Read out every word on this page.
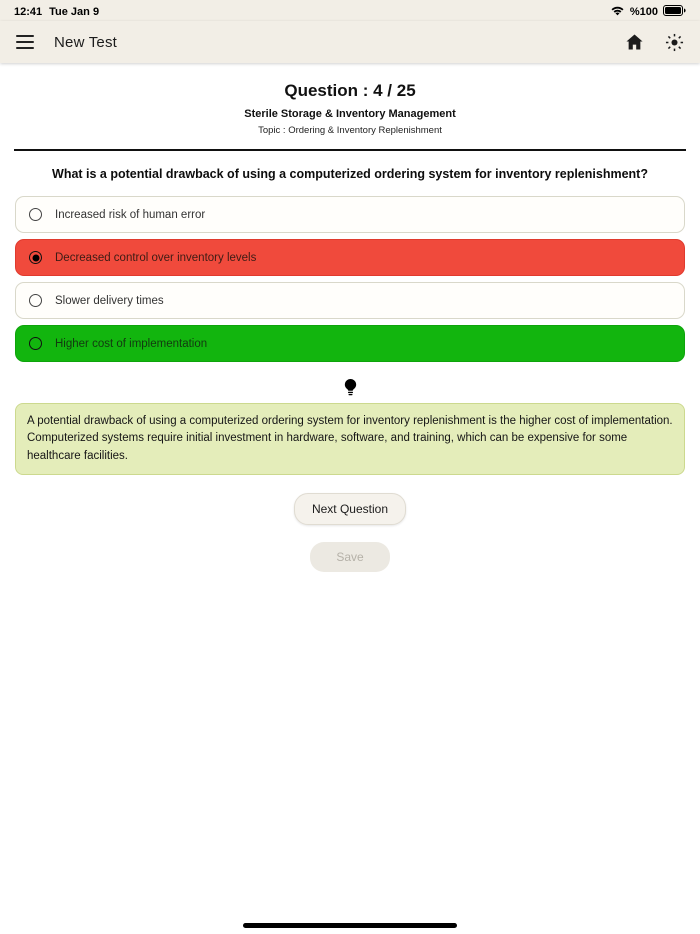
12:41 Tue Jan 9	%100
New Test
Question : 4 / 25
Sterile Storage & Inventory Management
Topic : Ordering & Inventory Replenishment
What is a potential drawback of using a computerized ordering system for inventory replenishment?
Increased risk of human error
Decreased control over inventory levels
Slower delivery times
Higher cost of implementation
A potential drawback of using a computerized ordering system for inventory replenishment is the higher cost of implementation. Computerized systems require initial investment in hardware, software, and training, which can be expensive for some healthcare facilities.
Next Question
Save
